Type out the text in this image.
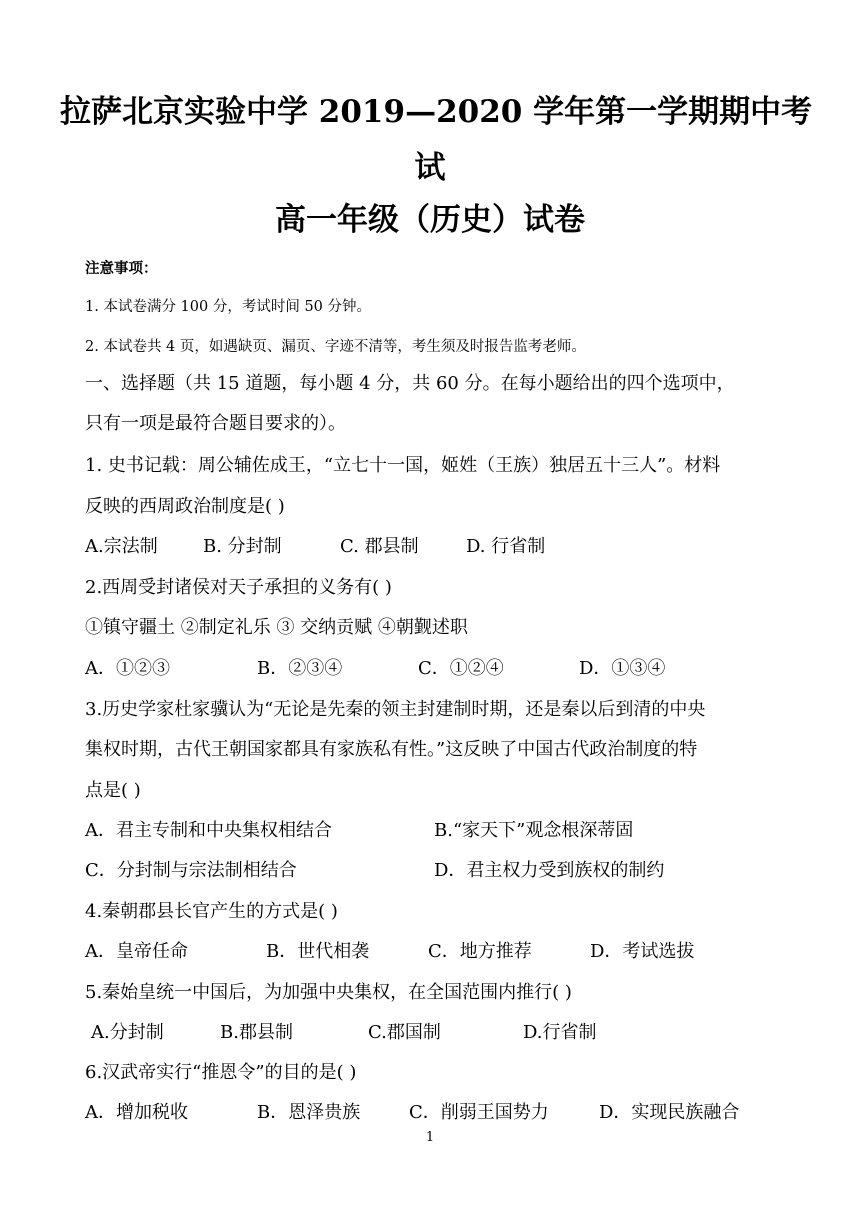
拉萨北京实验中学 2019—2020 学年第一学期期中考
试
高一年级（历史）试卷
注意事项：
1. 本试卷满分 100 分，考试时间 50 分钟。
2. 本试卷共 4 页，如遇缺页、漏页、字迹不清等，考生须及时报告监考老师。
一、选择题（共 15 道题，每小题 4 分，共 60 分。在每小题给出的四个选项中，
只有一项是最符合题目要求的）。
1. 史书记载：周公辅佐成王，“立七十一国，姬姓（王族）独居五十三人”。材料
反映的西周政治制度是( )
A.宗法制	B. 分封制	C. 郡县制	D. 行省制
2.西周受封诸侯对天子承担的义务有( )
①镇守疆土 ②制定礼乐 ③ 交纳贡赋 ④朝觐述职
A．①②③	B．②③④	C．①②④	D．①③④
3.历史学家杜家骥认为“无论是先秦的领主封建制时期，还是秦以后到清的中央
集权时期，古代王朝国家都具有家族私有性。”这反映了中国古代政治制度的特
点是( )
A．君主专制和中央集权相结合	B.“家天下”观念根深蒂固
C．分封制与宗法制相结合	D．君主权力受到族权的制约
4.秦朝郡县长官产生的方式是( )
A．皇帝任命	B．世代相袭	C．地方推荐	D．考试选拔
5.秦始皇统一中国后，为加强中央集权，在全国范围内推行( )
A.分封制	B.郡县制	C.郡国制	D.行省制
6.汉武帝实行“推恩令”的目的是( )
A．增加税收	B．恩泽贵族	C．削弱王国势力	D．实现民族融合
1
